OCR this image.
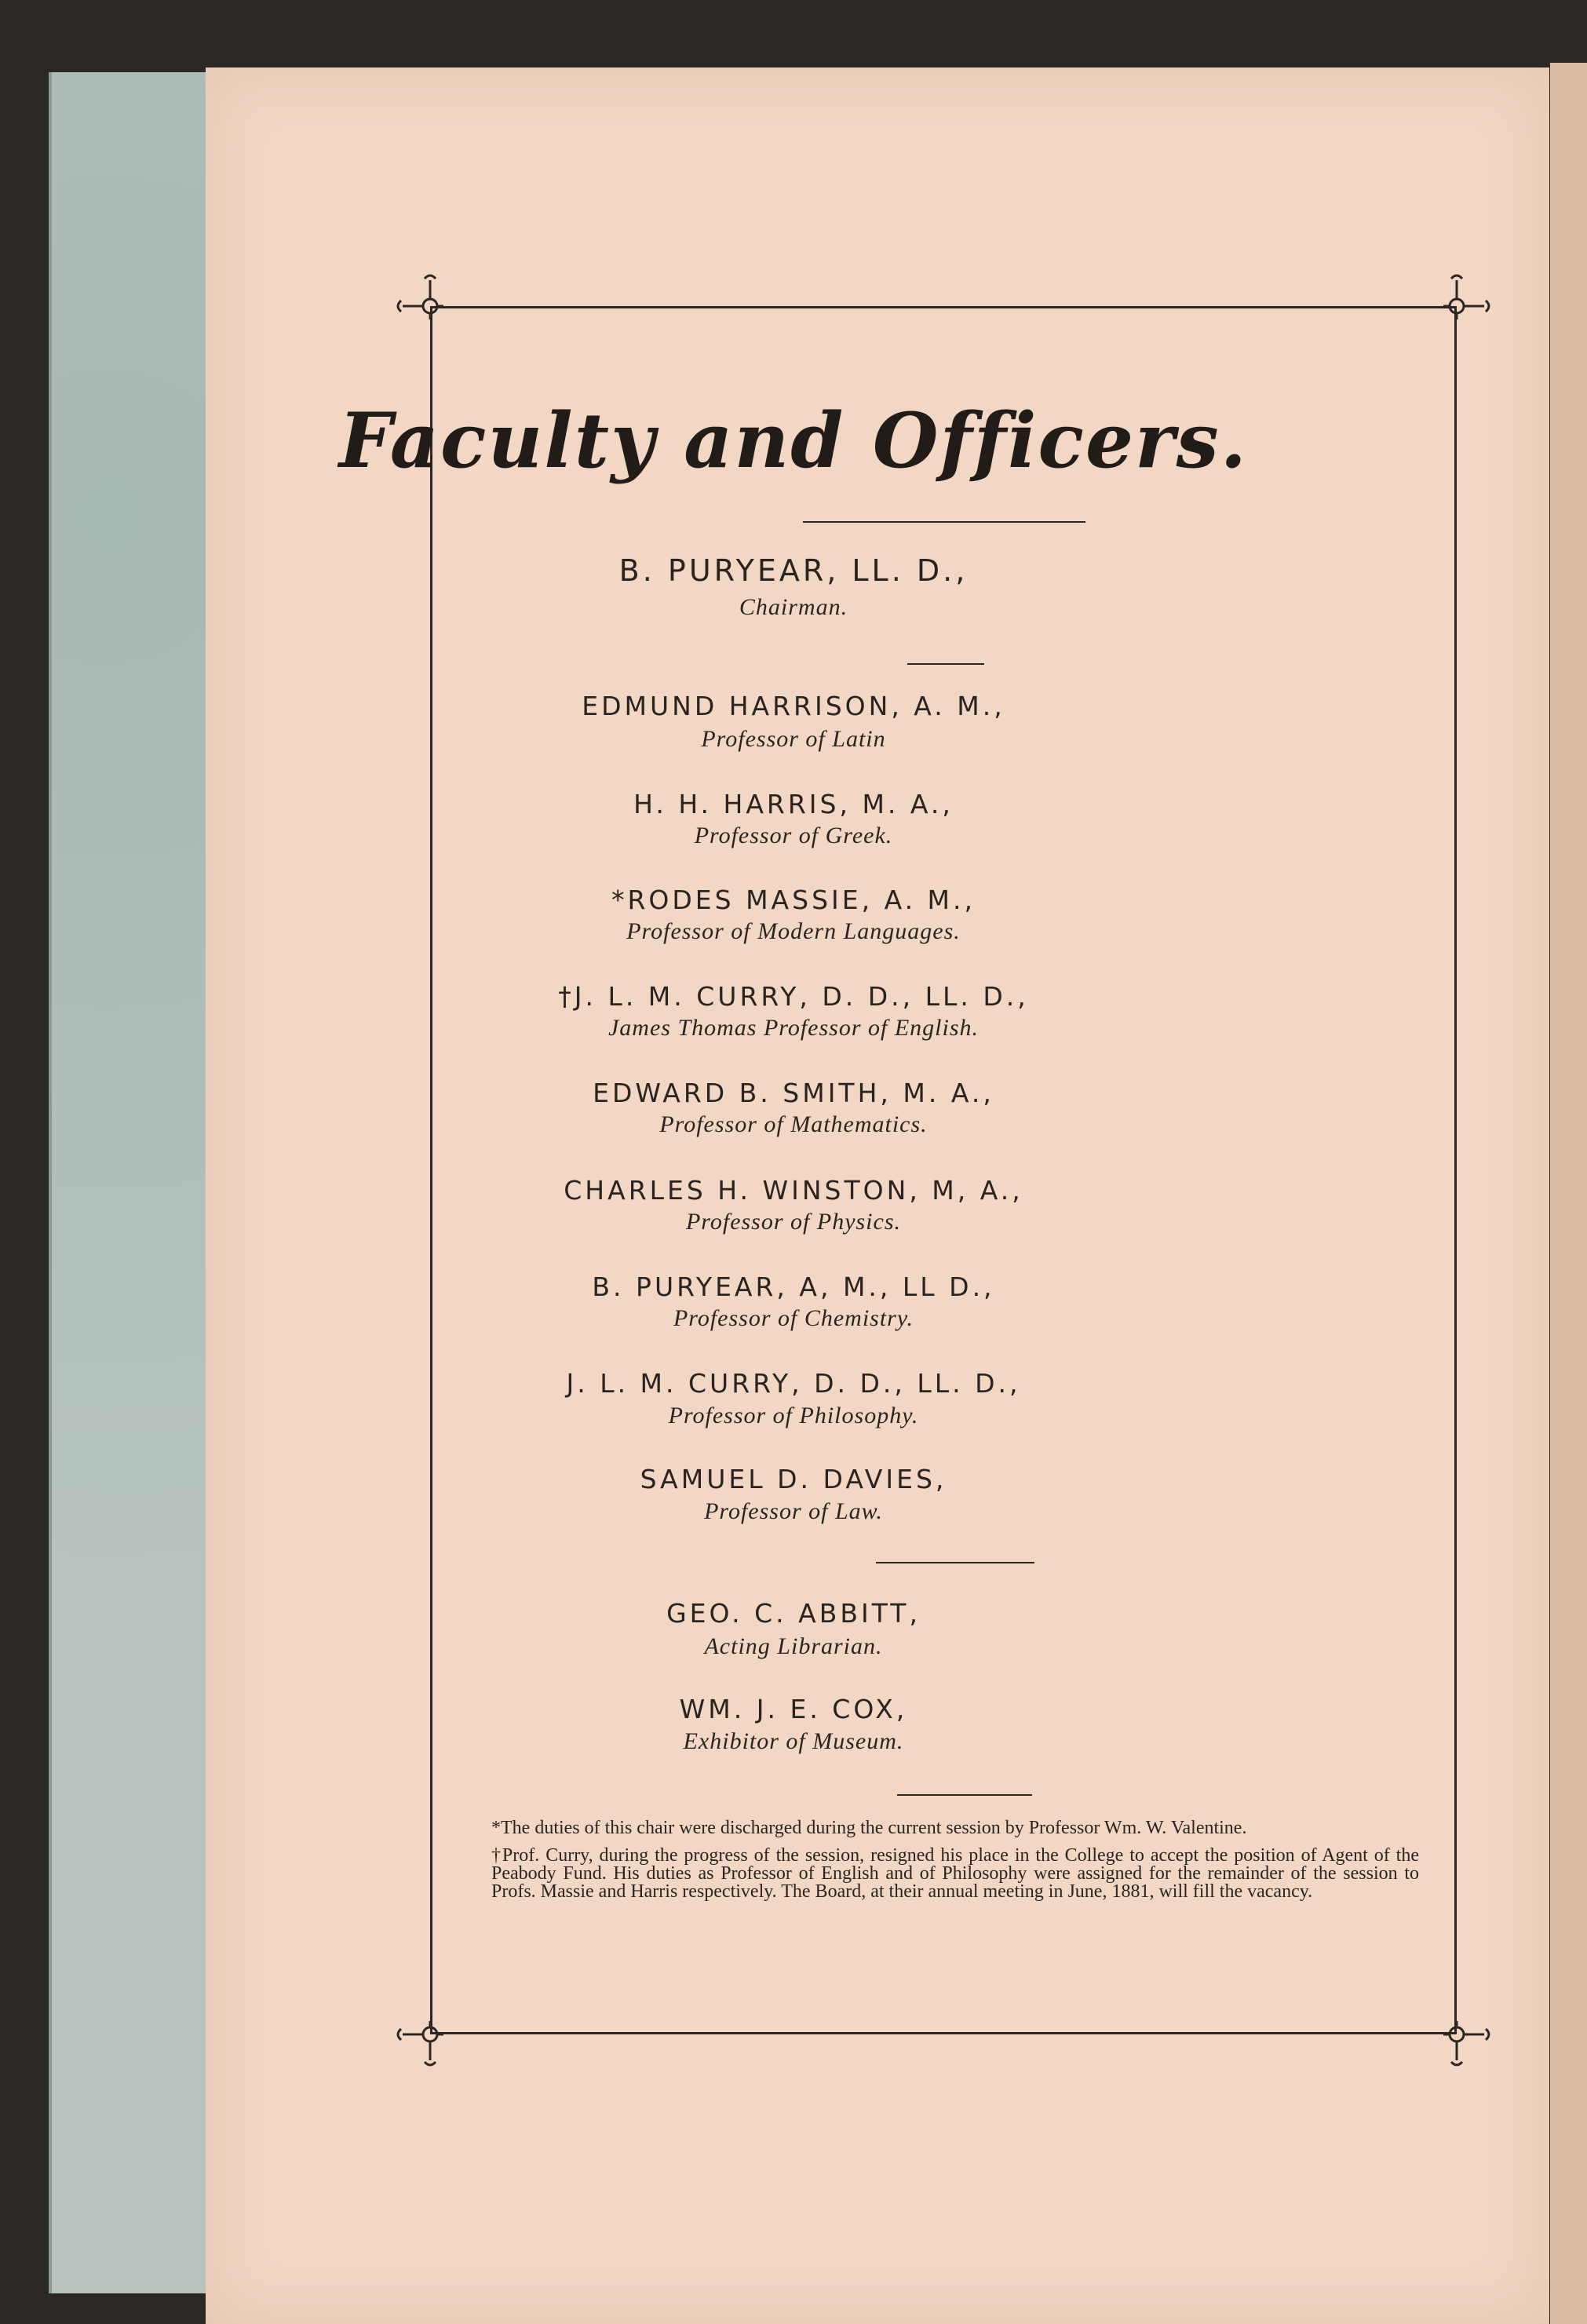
Faculty and Officers.
B. PURYEAR, LL. D.,
Chairman.
EDMUND HARRISON, A. M.,
Professor of Latin
H. H. HARRIS, M. A.,
Professor of Greek.
*RODES MASSIE, A. M.,
Professor of Modern Languages.
†J. L. M. CURRY, D. D., LL. D.,
James Thomas Professor of English.
EDWARD B. SMITH, M. A.,
Professor of Mathematics.
CHARLES H. WINSTON, M, A.,
Professor of Physics.
B. PURYEAR, A, M., LL D.,
Professor of Chemistry.
J. L. M. CURRY, D. D., LL. D.,
Professor of Philosophy.
SAMUEL D. DAVIES,
Professor of Law.
GEO. C. ABBITT,
Acting Librarian.
WM. J. E. COX,
Exhibitor of Museum.

*The duties of this chair were discharged during the current session by Professor Wm. W. Valentine.

†Prof. Curry, during the progress of the session, resigned his place in the College to accept the position of Agent of the Peabody Fund. His duties as Professor of English and of Philosophy were assigned for the remainder of the session to Profs. Massie and Harris respectively. The Board, at their annual meeting in June, 1881, will fill the vacancy.
